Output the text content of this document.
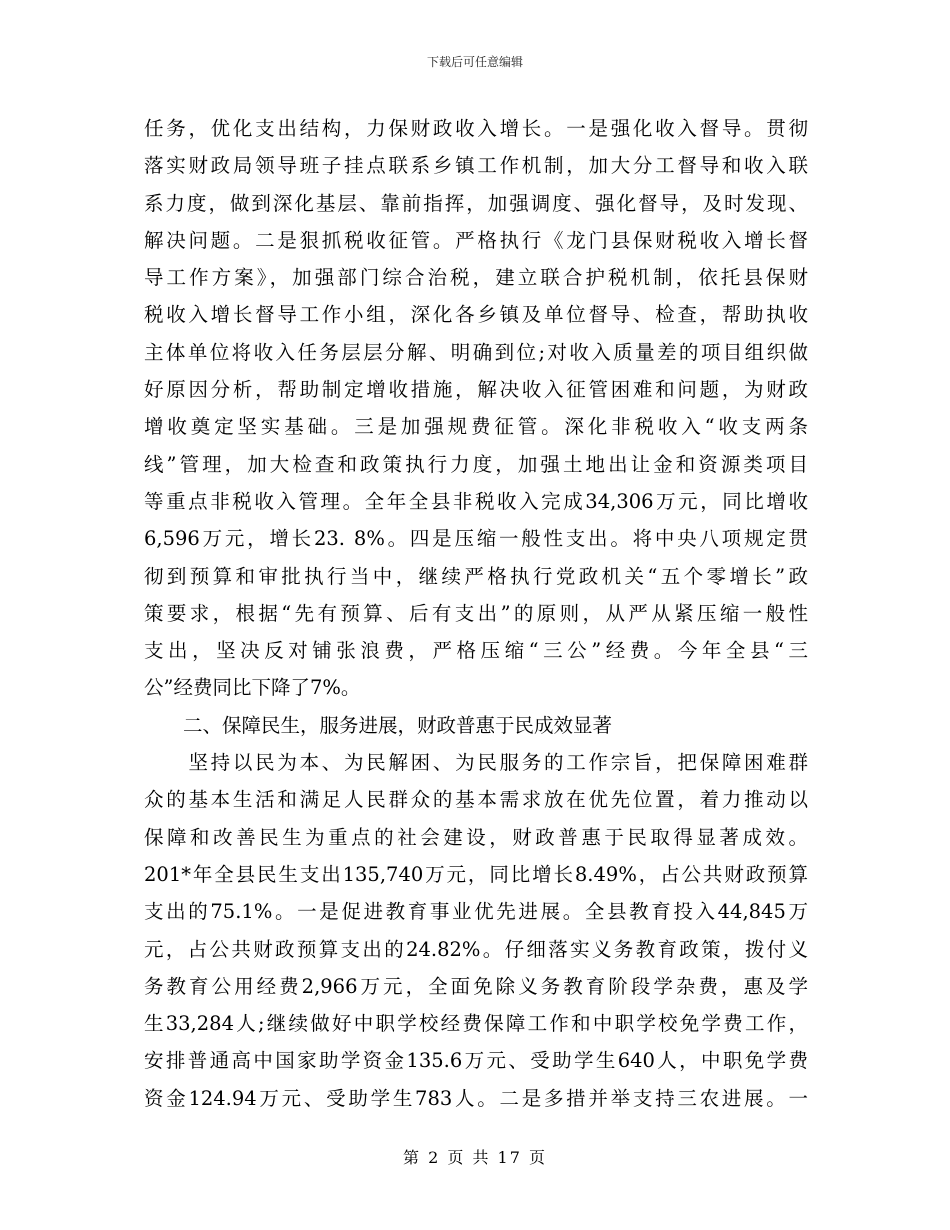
下载后可任意编辑
任务，优化支出结构，力保财政收入增长。一是强化收入督导。贯彻
落实财政局领导班子挂点联系乡镇工作机制，加大分工督导和收入联
系力度，做到深化基层、靠前指挥，加强调度、强化督导，及时发现、
解决问题。二是狠抓税收征管。严格执行《龙门县保财税收入增长督
导工作方案》，加强部门综合治税，建立联合护税机制，依托县保财
税收入增长督导工作小组，深化各乡镇及单位督导、检查，帮助执收
主体单位将收入任务层层分解、明确到位;对收入质量差的项目组织做
好原因分析，帮助制定增收措施，解决收入征管困难和问题，为财政
增收奠定坚实基础。三是加强规费征管。深化非税收入“收支两条
线”管理，加大检查和政策执行力度，加强土地出让金和资源类项目
等重点非税收入管理。全年全县非税收入完成34,306万元，同比增收
6,596万元，增长23. 8%。四是压缩一般性支出。将中央八项规定贯
彻到预算和审批执行当中，继续严格执行党政机关“五个零增长”政
策要求，根据“先有预算、后有支出”的原则，从严从紧压缩一般性
支出，坚决反对铺张浪费，严格压缩“三公”经费。今年全县“三
公”经费同比下降了7%。
　　二、保障民生，服务进展，财政普惠于民成效显著
　　坚持以民为本、为民解困、为民服务的工作宗旨，把保障困难群
众的基本生活和满足人民群众的基本需求放在优先位置，着力推动以
保障和改善民生为重点的社会建设，财政普惠于民取得显著成效。
201*年全县民生支出135,740万元，同比增长8.49%，占公共财政预算
支出的75.1%。一是促进教育事业优先进展。全县教育投入44,845万
元，占公共财政预算支出的24.82%。仔细落实义务教育政策，拨付义
务教育公用经费2,966万元，全面免除义务教育阶段学杂费，惠及学
生33,284人;继续做好中职学校经费保障工作和中职学校免学费工作，
安排普通高中国家助学资金135.6万元、受助学生640人，中职免学费
资金124.94万元、受助学生783人。二是多措并举支持三农进展。一
第 2 页 共 17 页
